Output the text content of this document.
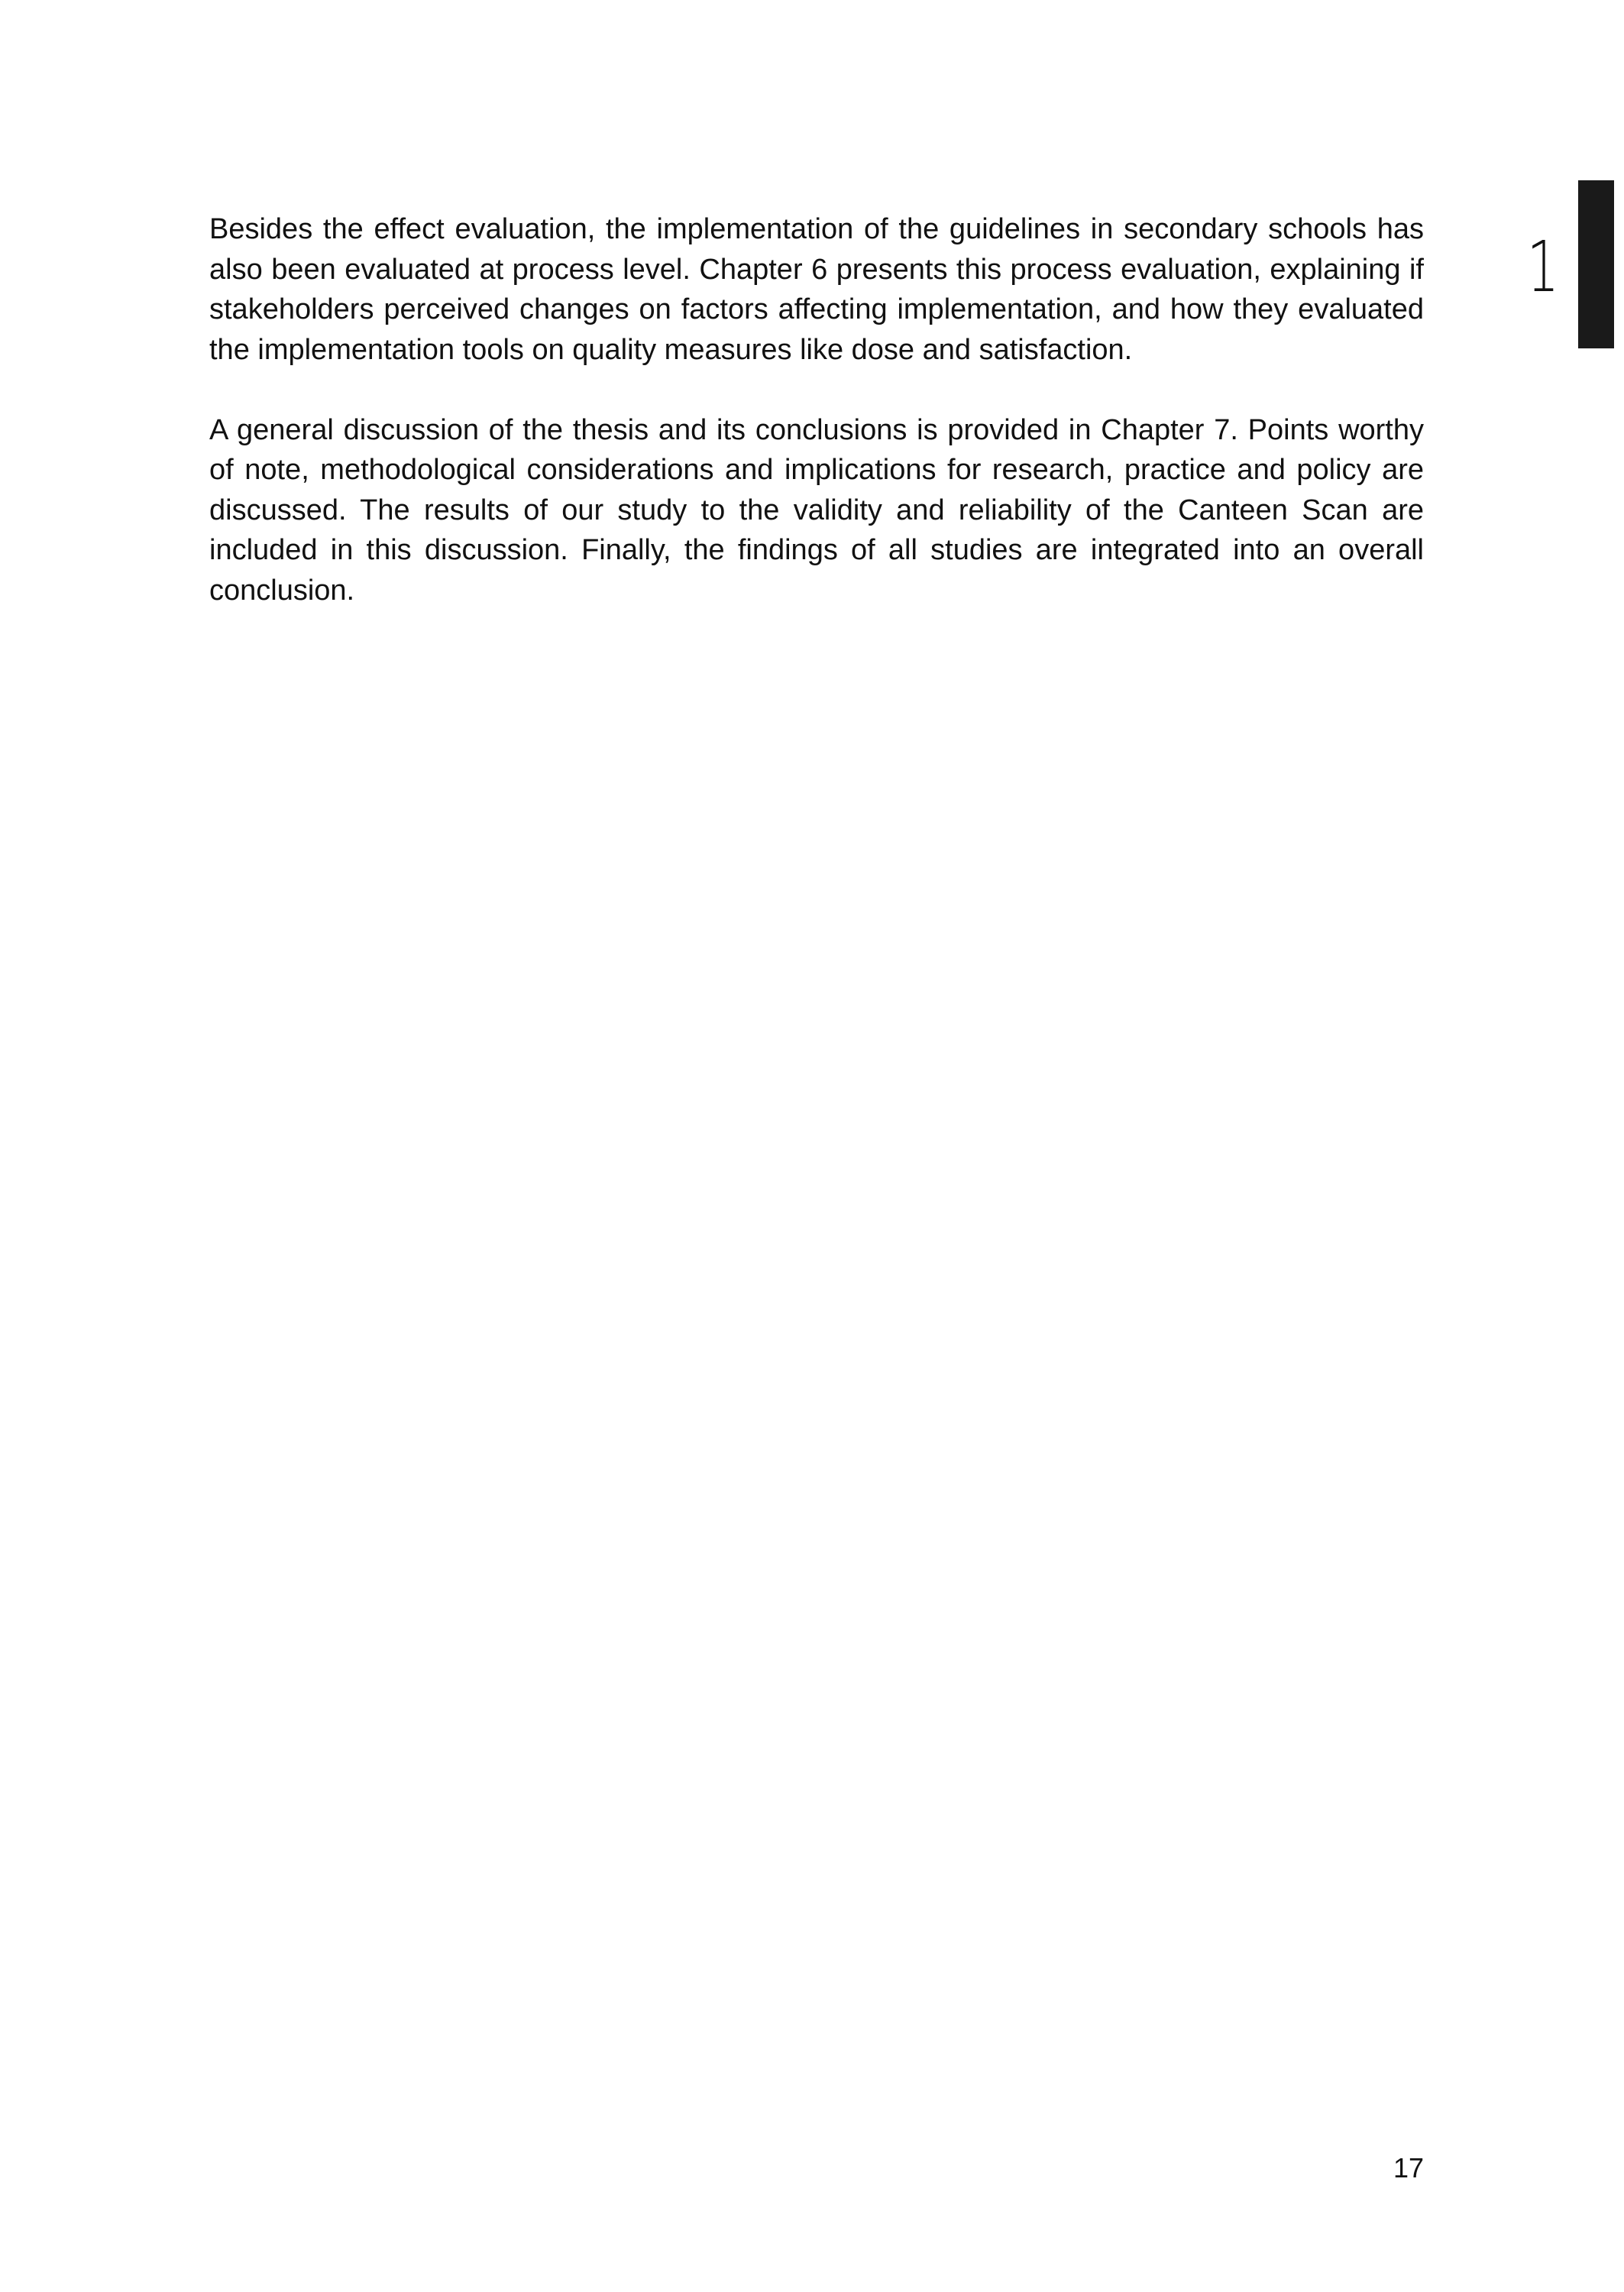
Besides the effect evaluation, the implementation of the guidelines in secondary schools has also been evaluated at process level. Chapter 6 presents this process evaluation, explaining if stakeholders perceived changes on factors affecting implementation, and how they evaluated the implementation tools on quality measures like dose and satisfaction.

A general discussion of the thesis and its conclusions is provided in Chapter 7. Points worthy of note, methodological considerations and implications for research, practice and policy are discussed. The results of our study to the validity and reliability of the Canteen Scan are included in this discussion. Finally, the findings of all studies are integrated into an overall conclusion.

1
17
